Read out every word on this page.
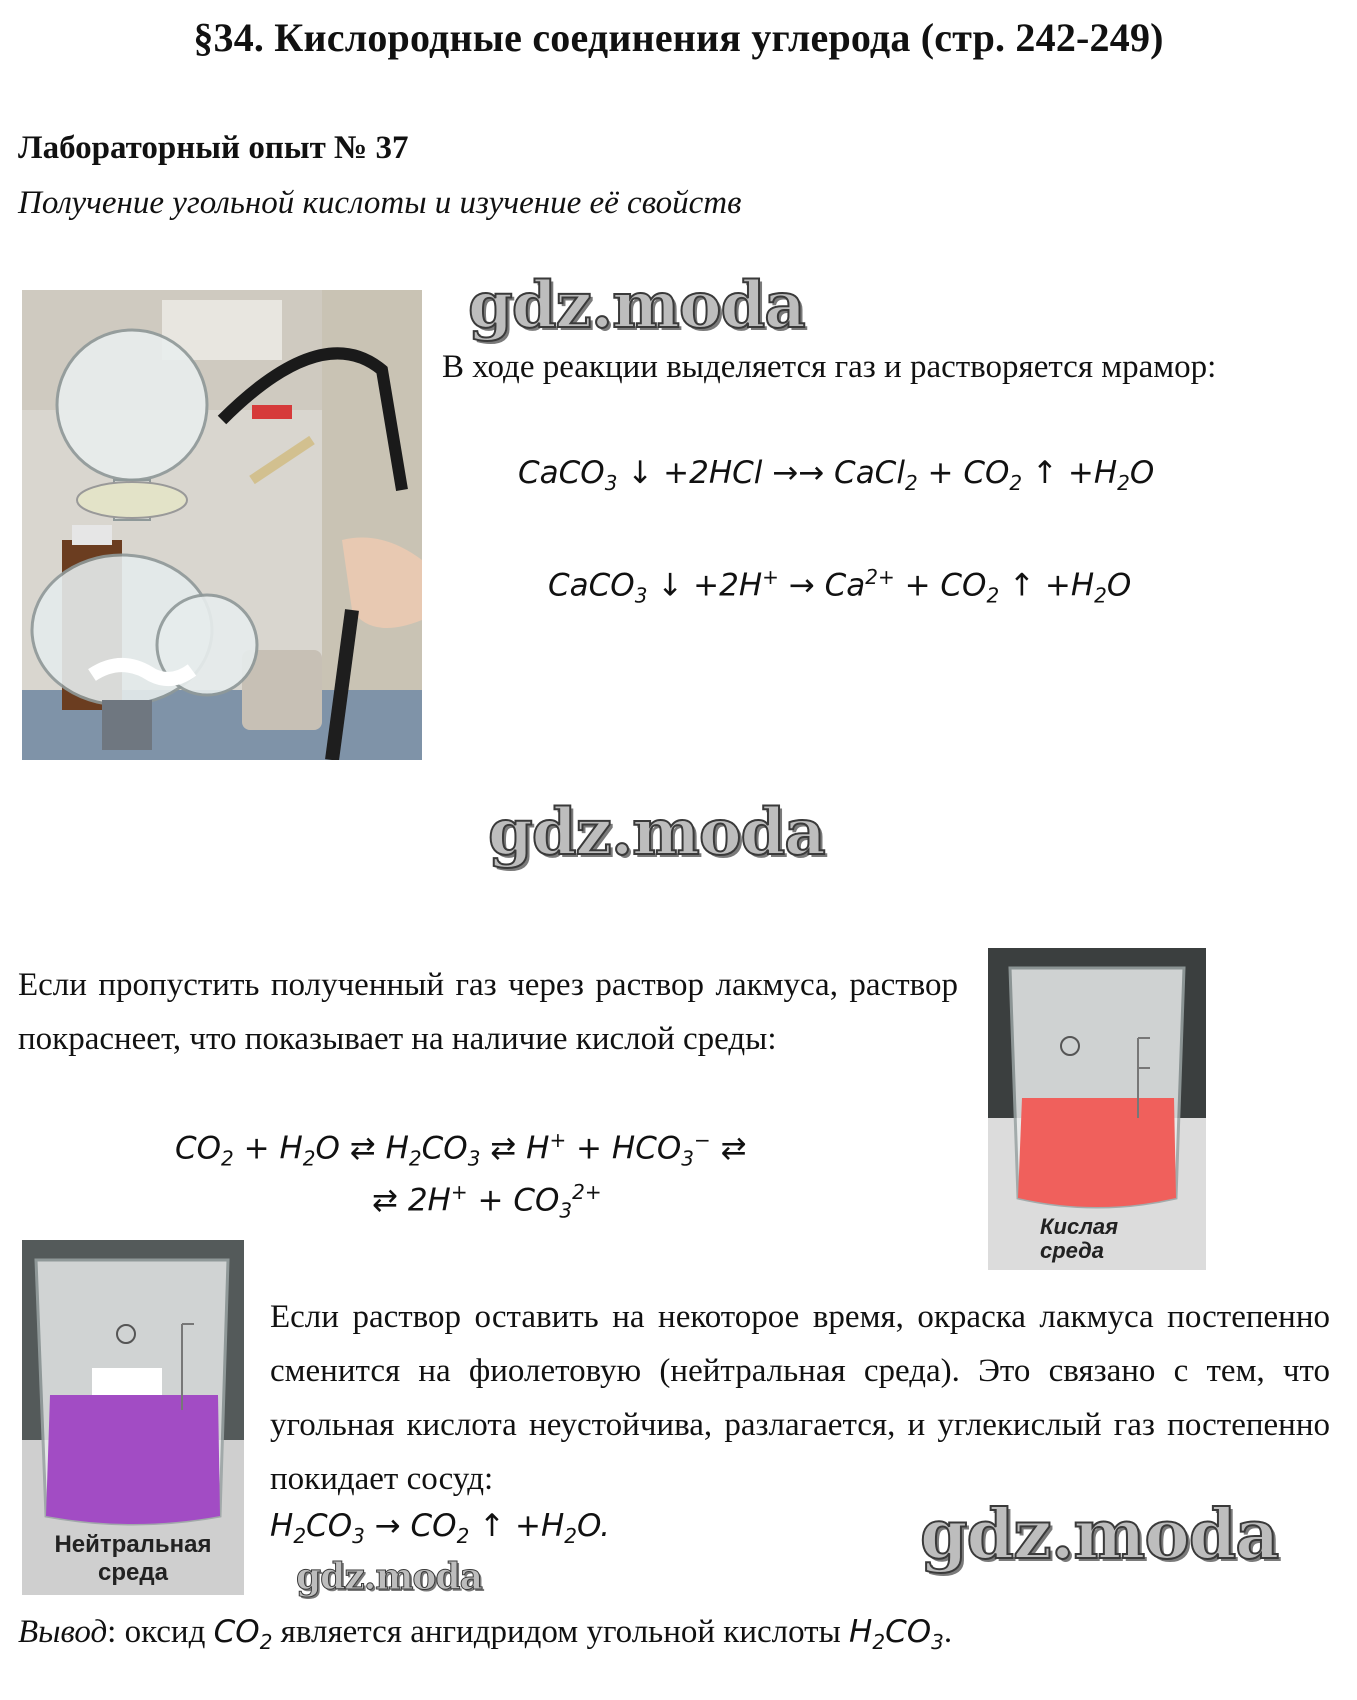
§34. Кислородные соединения углерода (стр. 242-249)
Лабораторный опыт № 37
Получение угольной кислоты и изучение её свойств
gdz.moda
В ходе реакции выделяется газ и растворяется мрамор:
CaCO$_3$ ↓ +2HCl →→ CaCl$_2$ + $CO_2$ ↑ $+H_2O$
CaCO$_3$ ↓ $+2H^+ \to Ca^{2+} + CO_2$ ↑ $+H_2O$
gdz.moda
Если пропустить полученный газ через раствор лакмуса, раствор покраснеет, что показывает на наличие кислой среды:
$CO_2 + H_2O$ ⇄ $H_2CO_3$ ⇄ $H^+ + HCO_3^-$ ⇄
⇄ $2H^+ + CO_3^{2+}$
Кислая
среда
Нейтральная
среда
Если раствор оставить на некоторое время, окраска лакмуса постепенно сменится на фиолетовую (нейтральная среда). Это связано с тем, что угольная кислота неустойчива, разлагается, и углекислый газ постепенно покидает сосуд:
$H_2CO_3 \to CO_2$ ↑ $+H_2O$.	gdz.moda
gdz.moda
Вывод: оксид $CO_2$ является ангидридом угольной кислоты $H_2CO_3$.
